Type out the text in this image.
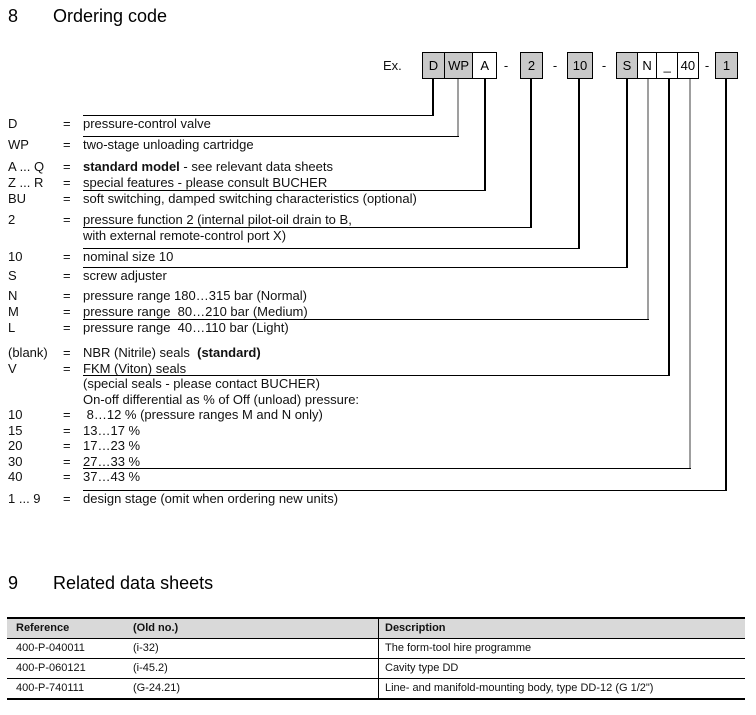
8 Ordering code
Ex.	D WP A	-	2	-	10	-	S N _ 40 -	1

D	= pressure-control valve

WP	= two-stage unloading cartridge

A ... Q = standard model - see relevant data sheets

Z ... R = special features - please consult BUCHER

BU	= soft switching, damped switching characteristics (optional)

2	= pressure function 2 (internal pilot-oil drain to B,

with external remote-control port X)

10	= nominal size 10

S	= screw adjuster

N	= pressure range 180…315 bar (Normal)

M	= pressure range  80…210 bar (Medium)

L	= pressure range  40…110 bar (Light)

(blank) = NBR (Nitrile) seals  (standard)

V	= FKM (Viton) seals

(special seals - please contact BUCHER)

On-off differential as % of Off (unload) pressure:

10	= 8…12 % (pressure ranges M and N only)

15	= 13…17 %

20	= 17…23 %

30	= 27…33 %

40	= 37…43 %

1 ... 9 = design stage (omit when ordering new units)

9 Related data sheets
Reference	(Old no.)	Description
400-P-040011	(i-32)	The form-tool hire programme
400-P-060121	(i-45.2)	Cavity type DD
400-P-740111	(G-24.21)	Line- and manifold-mounting body, type DD-12 (G 1/2")
